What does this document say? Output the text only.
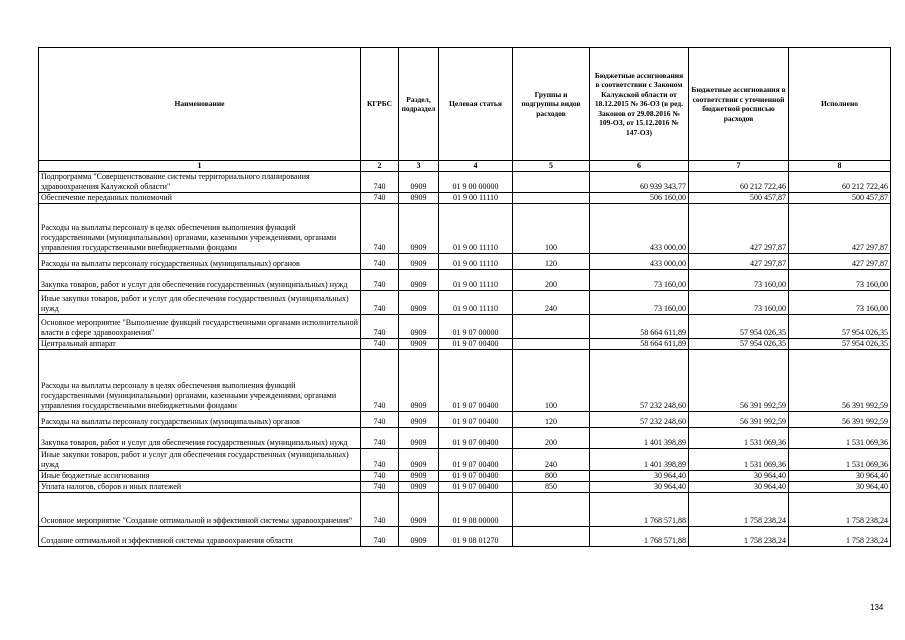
Наименование	КГРБС	Раздел, подраздел	Целевая статья	Группы и подгруппы видов расходов	Бюджетные ассигнования в соответствии с Законом Калужской области от 18.12.2015 № 36-ОЗ (в ред. Законов от 29.08.2016 № 109-ОЗ, от 15.12.2016 № 147-ОЗ)	Бюджетные ассигнования в соответствии с уточненной бюджетной росписью расходов	Исполнено
1	2	3	4	5	6	7	8
Подпрограмма "Совершенствование системы территориального планирования здравоохранения Калужской области"	740	0909	01 9 00 00000		60 939 343,77	60 212 722,46	60 212 722,46
Обеспечение переданных полномочий	740	0909	01 9 00 11110		506 160,00	500 457,87	500 457,87
Расходы на выплаты персоналу в целях обеспечения выполнения функций государственными (муниципальными) органами, казенными учреждениями, органами управления государственными внебюджетными фондами	740	0909	01 9 00 11110	100	433 000,00	427 297,87	427 297,87
Расходы на выплаты персоналу государственных (муниципальных) органов	740	0909	01 9 00 11110	120	433 000,00	427 297,87	427 297,87
Закупка товаров, работ и услуг для обеспечения государственных (муниципальных) нужд	740	0909	01 9 00 11110	200	73 160,00	73 160,00	73 160,00
Иные закупки товаров, работ и услуг для обеспечения государственных (муниципальных) нужд	740	0909	01 9 00 11110	240	73 160,00	73 160,00	73 160,00
Основное мероприятие "Выполнение функций государственными органами исполнительной власти в сфере здравоохранения"	740	0909	01 9 07 00000		58 664 611,89	57 954 026,35	57 954 026,35
Центральный аппарат	740	0909	01 9 07 00400		58 664 611,89	57 954 026,35	57 954 026,35
Расходы на выплаты персоналу в целях обеспечения выполнения функций государственными (муниципальными) органами, казенными учреждениями, органами управления государственными внебюджетными фондами	740	0909	01 9 07 00400	100	57 232 248,60	56 391 992,59	56 391 992,59
Расходы на выплаты персоналу государственных (муниципальных) органов	740	0909	01 9 07 00400	120	57 232 248,60	56 391 992,59	56 391 992,59
Закупка товаров, работ и услуг для обеспечения государственных (муниципальных) нужд	740	0909	01 9 07 00400	200	1 401 398,89	1 531 069,36	1 531 069,36
Иные закупки товаров, работ и услуг для обеспечения государственных (муниципальных) нужд	740	0909	01 9 07 00400	240	1 401 398,89	1 531 069,36	1 531 069,36
Иные бюджетные ассигнования	740	0909	01 9 07 00400	800	30 964,40	30 964,40	30 964,40
Уплата налогов, сборов и иных платежей	740	0909	01 9 07 00400	850	30 964,40	30 964,40	30 964,40
Основное мероприятие "Создание оптимальной и эффективной системы здравоохранения"	740	0909	01 9 08 00000		1 768 571,88	1 758 238,24	1 758 238,24
Создание оптимальной и эффективной системы здравоохранения области	740	0909	01 9 08 01270		1 768 571,88	1 758 238,24	1 758 238,24
134
